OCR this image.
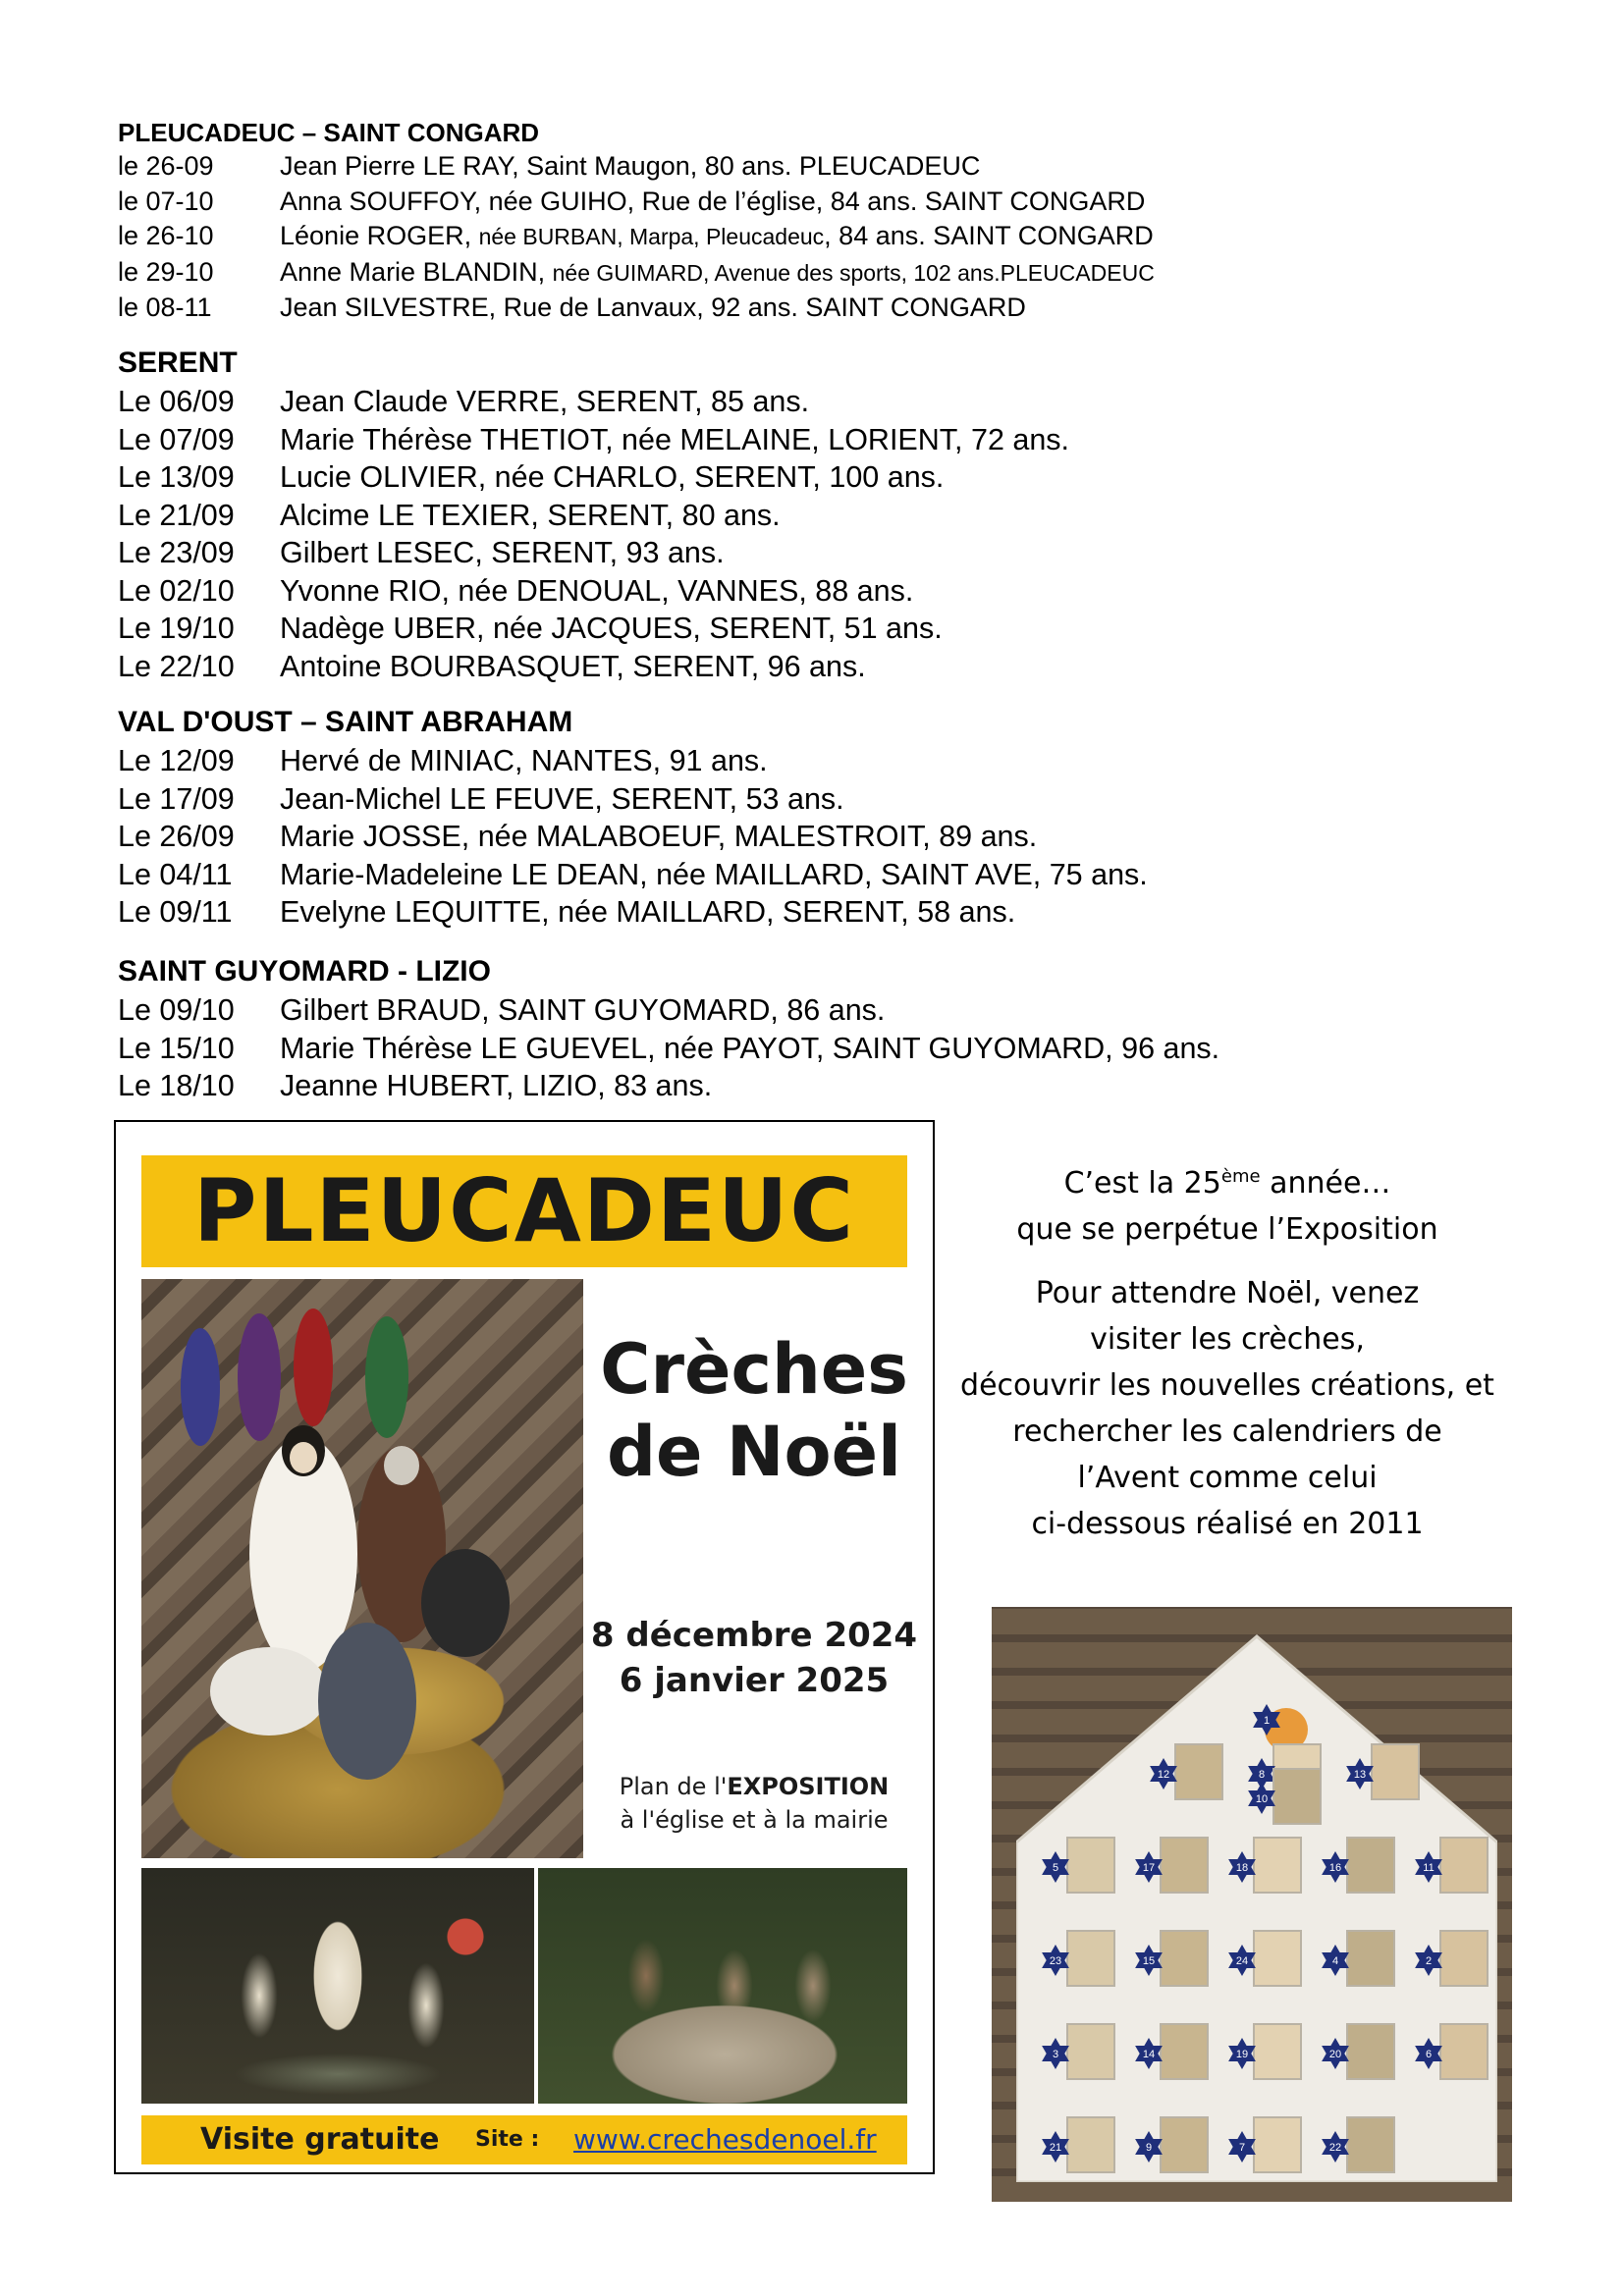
PLEUCADEUC – SAINT CONGARD
le 26-09	Jean Pierre LE RAY, Saint Maugon, 80 ans. PLEUCADEUC
le 07-10	Anna SOUFFOY, née GUIHO, Rue de l’église, 84 ans. SAINT CONGARD
le 26-10	Léonie ROGER, née BURBAN, Marpa, Pleucadeuc, 84 ans. SAINT CONGARD
le 29-10	Anne Marie BLANDIN, née GUIMARD, Avenue des sports, 102 ans.PLEUCADEUC
le 08-11	Jean SILVESTRE, Rue de Lanvaux, 92 ans. SAINT CONGARD
SERENT
Le 06/09	Jean Claude VERRE, SERENT, 85 ans.
Le 07/09	Marie Thérèse THETIOT, née MELAINE, LORIENT, 72 ans.
Le 13/09	Lucie OLIVIER, née CHARLO, SERENT, 100 ans.
Le 21/09	Alcime LE TEXIER, SERENT, 80 ans.
Le 23/09	Gilbert LESEC, SERENT, 93 ans.
Le 02/10	Yvonne RIO, née DENOUAL, VANNES, 88 ans.
Le 19/10	Nadège UBER, née JACQUES, SERENT, 51 ans.
Le 22/10	Antoine BOURBASQUET, SERENT, 96 ans.
VAL D'OUST – SAINT ABRAHAM
Le 12/09	Hervé de MINIAC, NANTES, 91 ans.
Le 17/09	Jean-Michel LE FEUVE, SERENT, 53 ans.
Le 26/09	Marie JOSSE, née MALABOEUF, MALESTROIT, 89 ans.
Le 04/11	Marie-Madeleine LE DEAN, née MAILLARD, SAINT AVE, 75 ans.
Le 09/11	Evelyne LEQUITTE, née MAILLARD, SERENT, 58 ans.
SAINT GUYOMARD - LIZIO
Le 09/10	Gilbert BRAUD, SAINT GUYOMARD, 86 ans.
Le 15/10	Marie Thérèse LE GUEVEL, née PAYOT, SAINT GUYOMARD, 96 ans.
Le 18/10	Jeanne HUBERT, LIZIO, 83 ans.
PLEUCADEUC
Crèches
de Noël
8 décembre 2024
6 janvier 2025
Plan de l'EXPOSITION
à l'église et à la mairie
Visite gratuite Site : www.crechesdenoel.fr
C’est la 25ème année…
que se perpétue l’Exposition
Pour attendre Noël, venez
visiter les crèches,
découvrir les nouvelles créations, et
rechercher les calendriers de
l’Avent comme celui
ci-dessous réalisé en 2011
1
12	8
10
13
5	17	18	16	11
23	15	24	4	2
3	14	19	20	6
21	9	7	22
